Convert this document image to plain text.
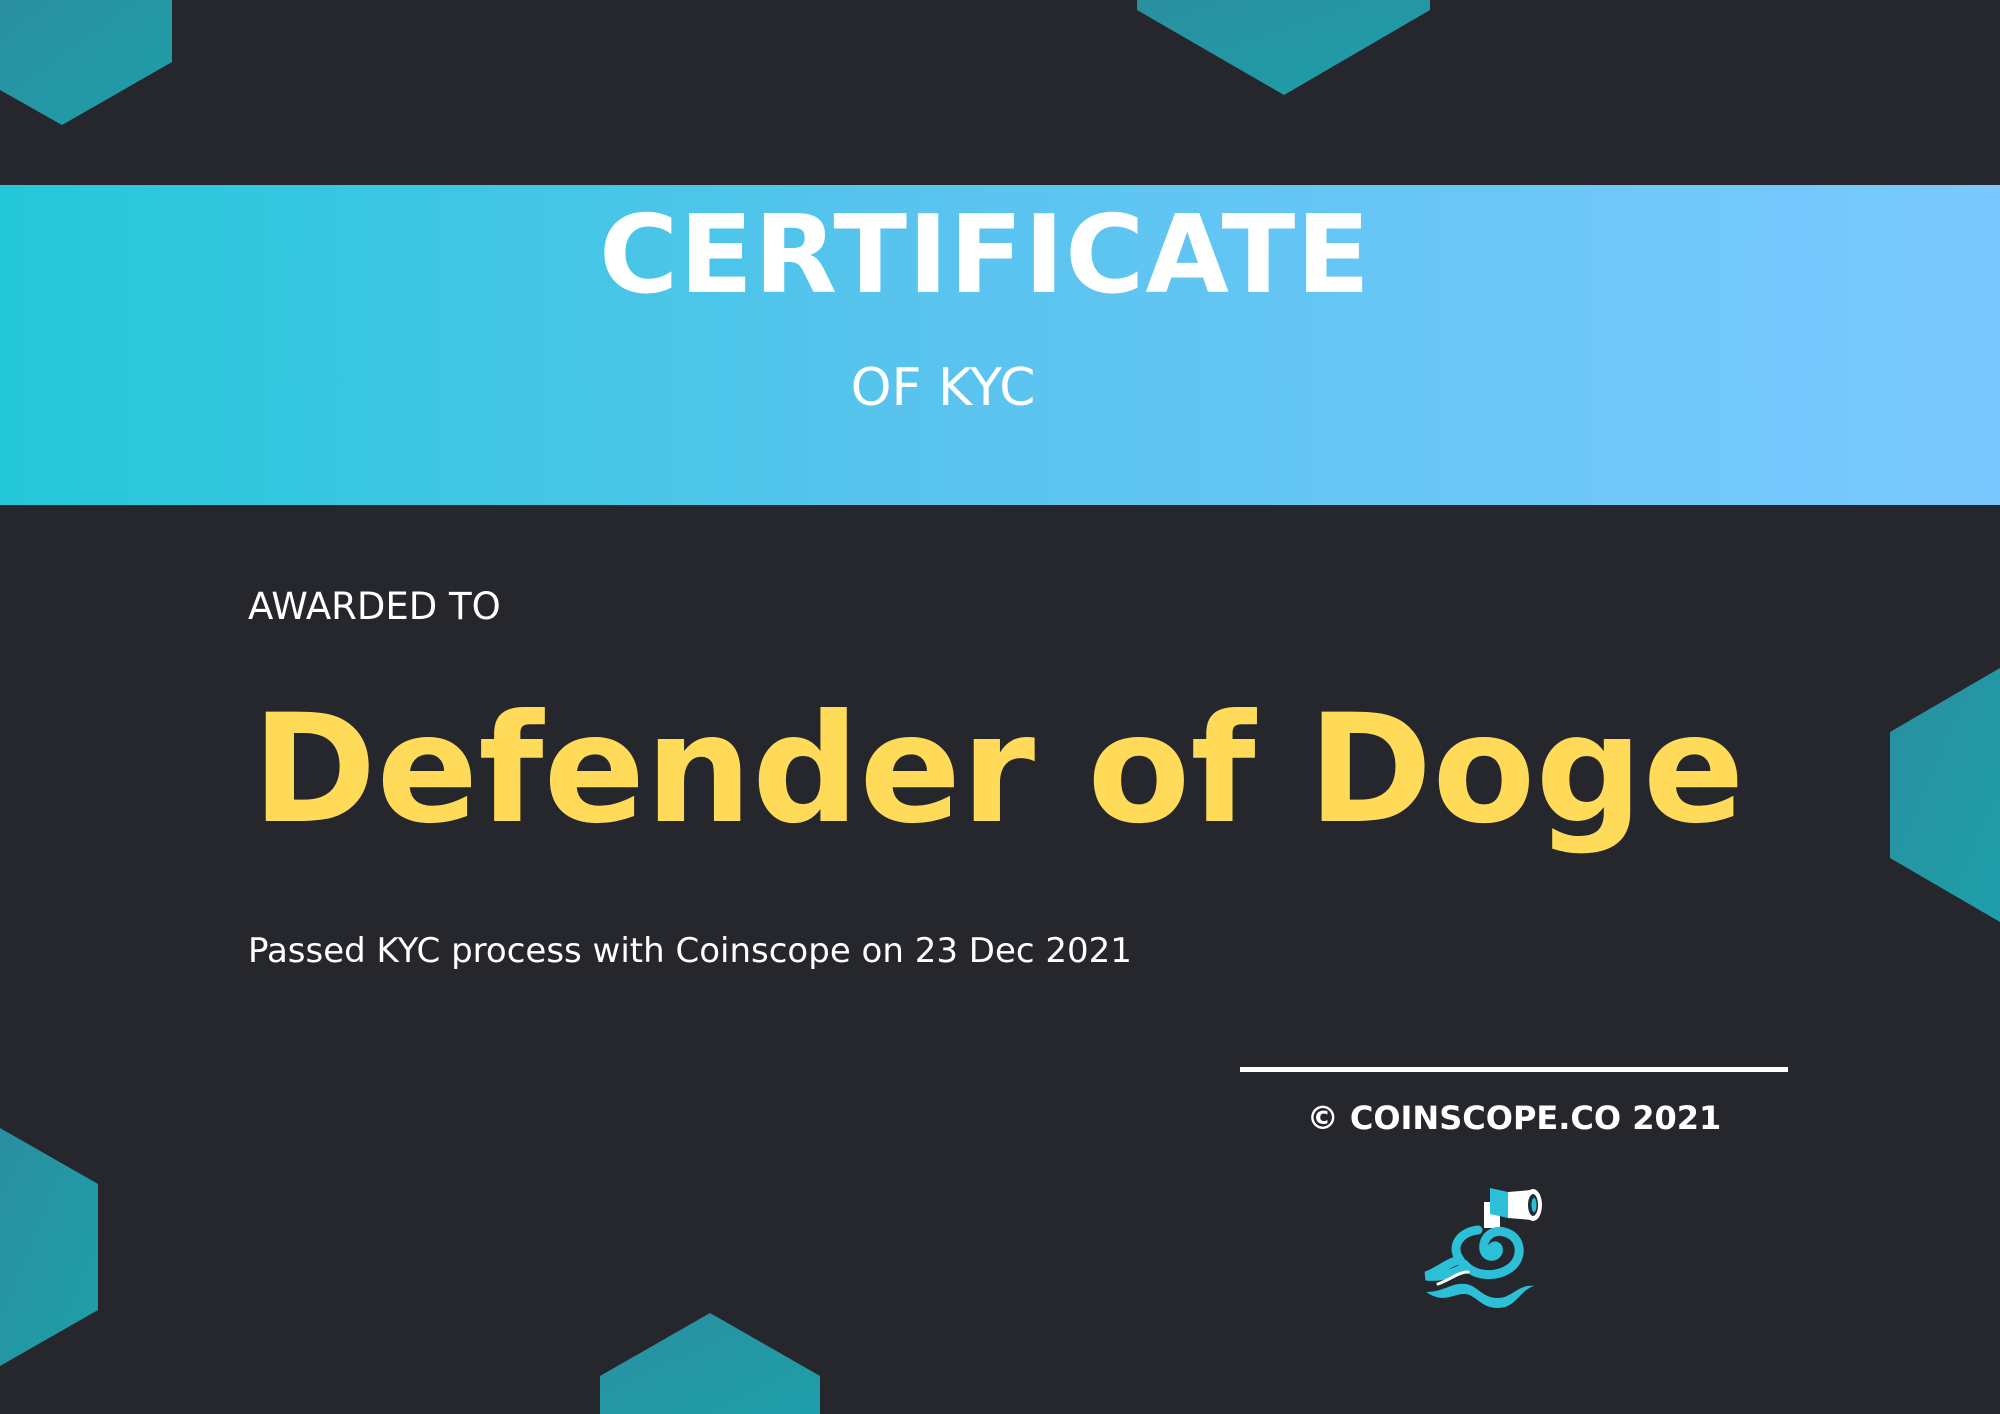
CERTIFICATE
OF KYC
AWARDED TO
Defender of Doge
Passed KYC process with Coinscope on 23 Dec 2021
© COINSCOPE.CO 2021
